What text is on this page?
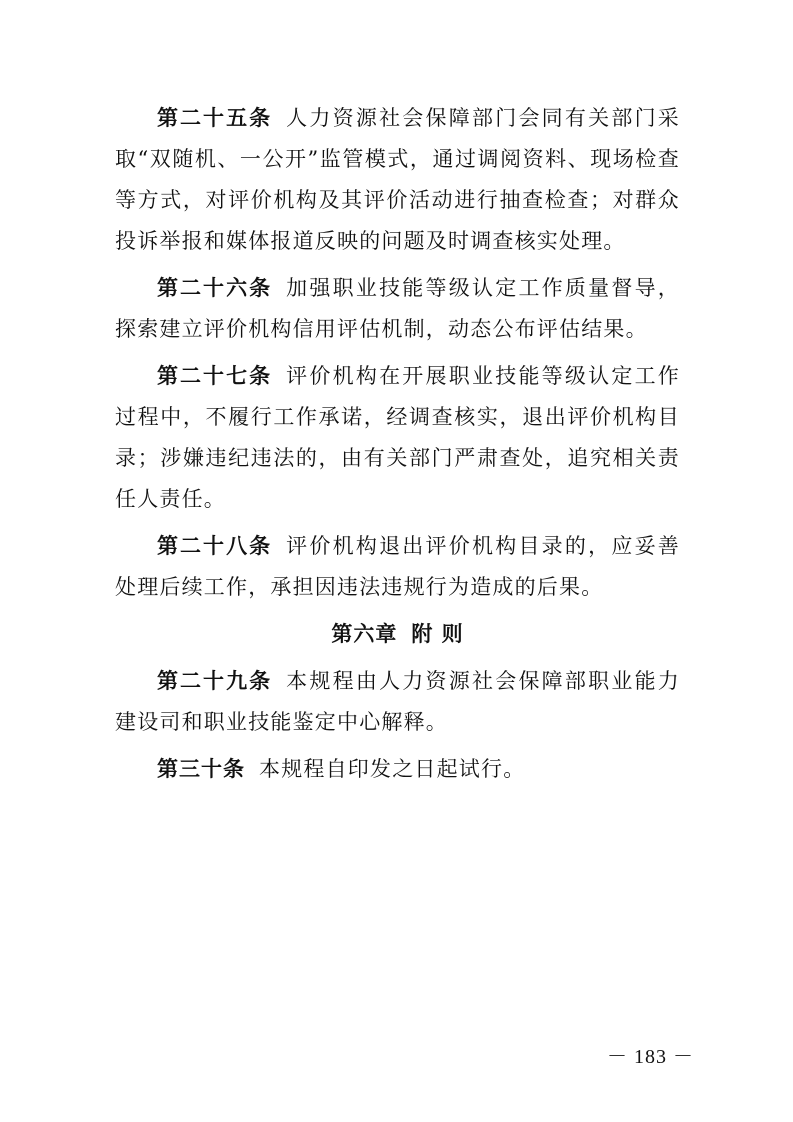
第二十五条 人力资源社会保障部门会同有关部门采取“双随机、一公开”监管模式，通过调阅资料、现场检查等方式，对评价机构及其评价活动进行抽查检查；对群众投诉举报和媒体报道反映的问题及时调查核实处理。

第二十六条 加强职业技能等级认定工作质量督导，探索建立评价机构信用评估机制，动态公布评估结果。

第二十七条 评价机构在开展职业技能等级认定工作过程中，不履行工作承诺，经调查核实，退出评价机构目录；涉嫌违纪违法的，由有关部门严肃查处，追究相关责任人责任。

第二十八条 评价机构退出评价机构目录的，应妥善处理后续工作，承担因违法违规行为造成的后果。

第六章 附 则

第二十九条 本规程由人力资源社会保障部职业能力建设司和职业技能鉴定中心解释。

第三十条 本规程自印发之日起试行。

－ 183 －
